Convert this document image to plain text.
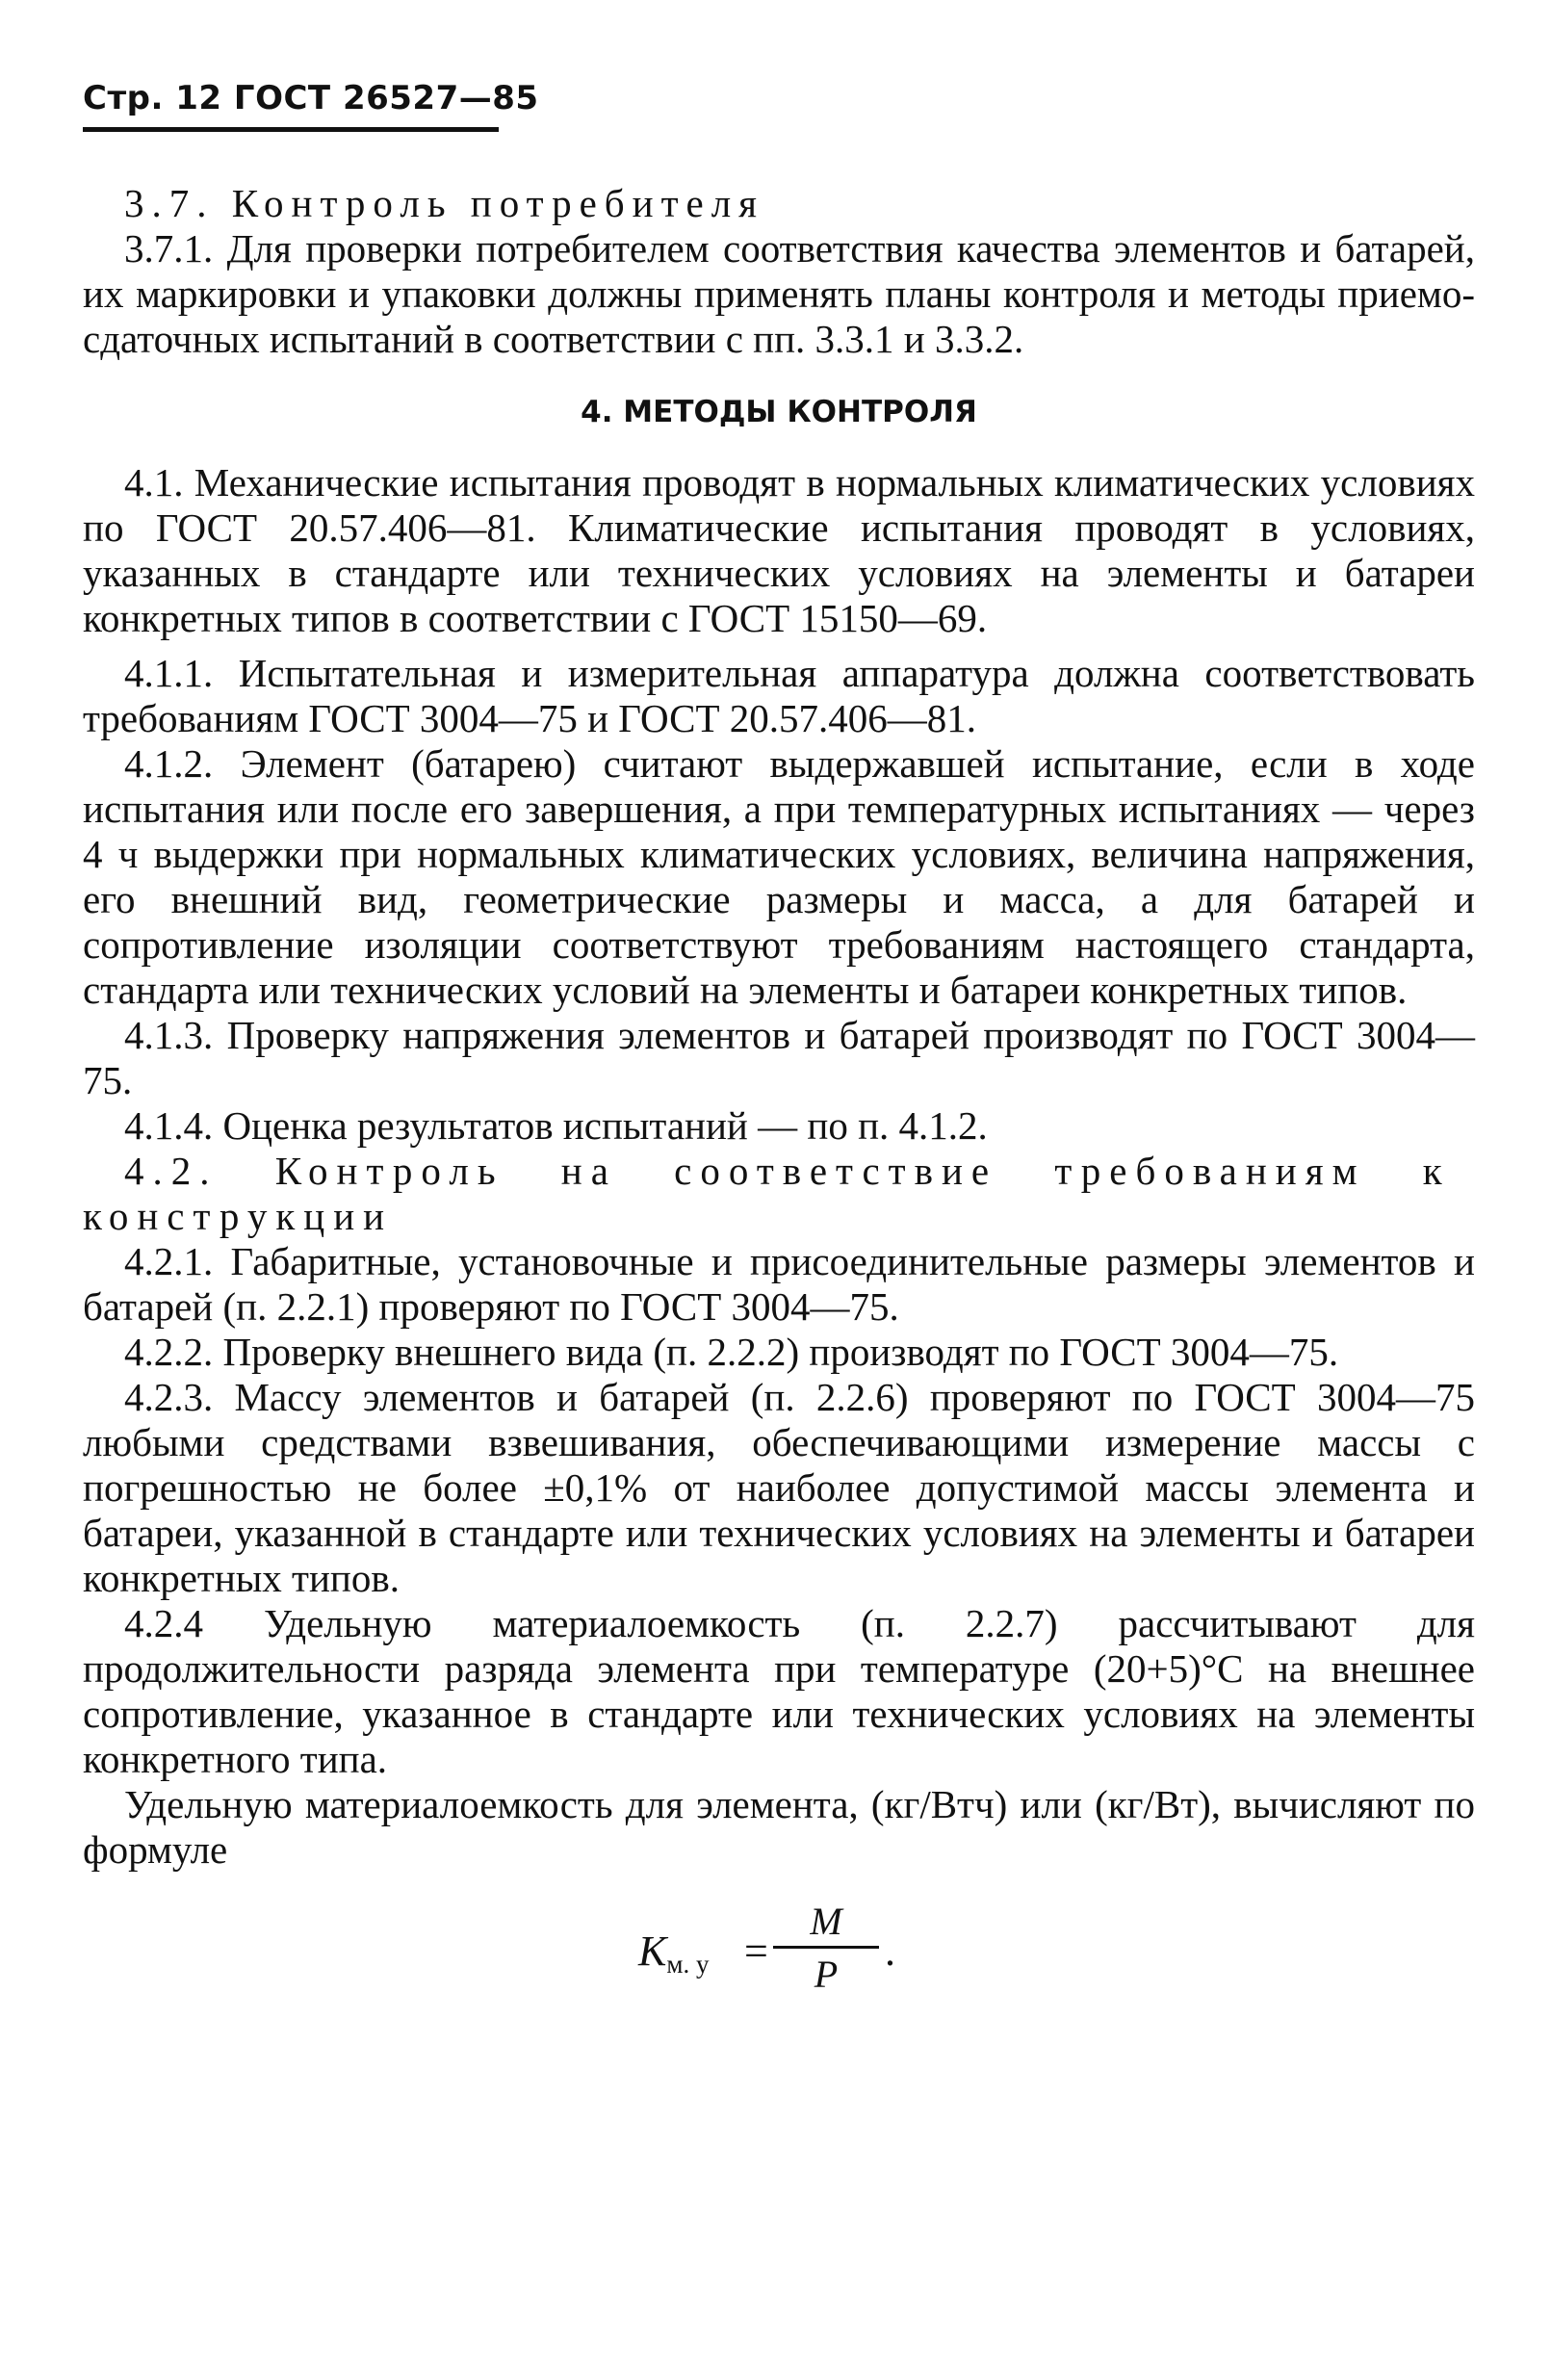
Стр. 12 ГОСТ 26527—85

3.7. Контроль потребителя

3.7.1. Для проверки потребителем соответствия качества элементов и батарей, их маркировки и упаковки должны применять планы контроля и методы приемо-сдаточных испытаний в соответствии с пп. 3.3.1 и 3.3.2.

4. МЕТОДЫ КОНТРОЛЯ

4.1. Механические испытания проводят в нормальных климатических условиях по ГОСТ 20.57.406—81. Климатические испытания проводят в условиях, указанных в стандарте или технических условиях на элементы и батареи конкретных типов в соответствии с ГОСТ 15150—69.

4.1.1. Испытательная и измерительная аппаратура должна соответствовать требованиям ГОСТ 3004—75 и ГОСТ 20.57.406—81.

4.1.2. Элемент (батарею) считают выдержавшей испытание, если в ходе испытания или после его завершения, а при температурных испытаниях — через 4 ч выдержки при нормальных климатических условиях, величина напряжения, его внешний вид, геометрические размеры и масса, а для батарей и сопротивление изоляции соответствуют требованиям настоящего стандарта, стандарта или технических условий на элементы и батареи конкретных типов.

4.1.3. Проверку напряжения элементов и батарей производят по ГОСТ 3004—75.

4.1.4. Оценка результатов испытаний — по п. 4.1.2.

4.2. Контроль на соответствие требованиям к конструкции

4.2.1. Габаритные, установочные и присоединительные размеры элементов и батарей (п. 2.2.1) проверяют по ГОСТ 3004—75.

4.2.2. Проверку внешнего вида (п. 2.2.2) производят по ГОСТ 3004—75.

4.2.3. Массу элементов и батарей (п. 2.2.6) проверяют по ГОСТ 3004—75 любыми средствами взвешивания, обеспечивающими измерение массы с погрешностью не более ±0,1% от наиболее допустимой массы элемента и батареи, указанной в стандарте или технических условиях на элементы и батареи конкретных типов.

4.2.4 Удельную материалоемкость (п. 2.2.7) рассчитывают для продолжительности разряда элемента при температуре (20+5)°С на внешнее сопротивление, указанное в стандарте или технических условиях на элементы конкретного типа.

Удельную материалоемкость для элемента, (кг/Втч) или (кг/Вт), вычисляют по формуле

Kм. у =
M
P	.
